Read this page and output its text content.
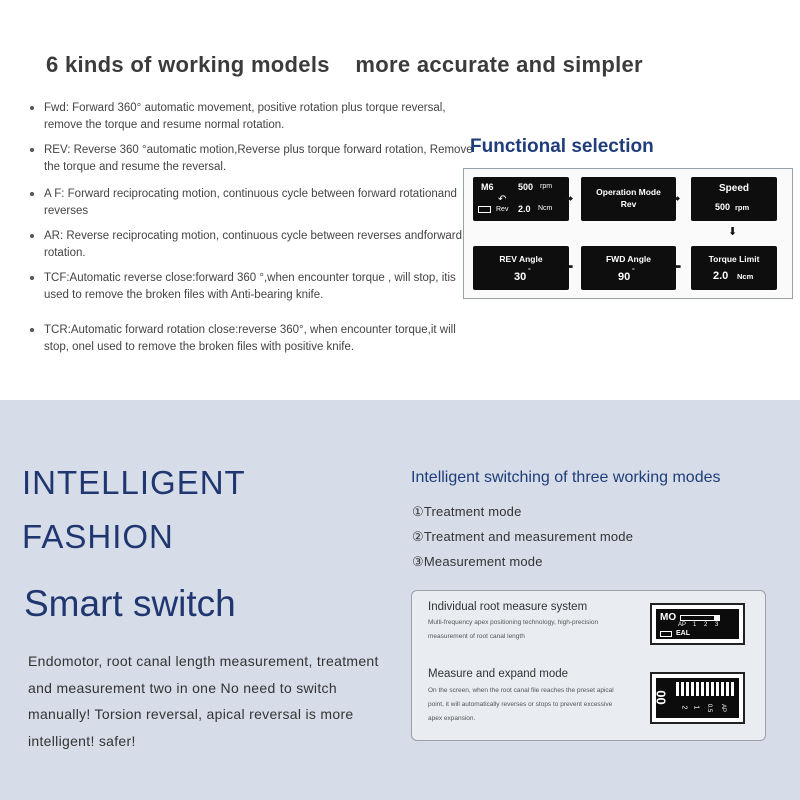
6 kinds of working models    more accurate and simpler
Fwd: Forward 360° automatic movement, positive rotation plus torque reversal, remove the torque and resume normal rotation.
REV: Reverse 360 °automatic motion,Reverse plus torque forward rotation, Remove the torque and resume the reversal.
A F: Forward reciprocating motion, continuous cycle between forward rotationand reverses
AR: Reverse reciprocating motion, continuous cycle between reverses andforward rotation.
TCF:Automatic reverse close:forward 360 °,when encounter torque , will stop, itis used to remove the broken files with Anti-bearing knife.
TCR:Automatic forward rotation close:reverse 360°, when encounter torque,it will stop, onel used to remove the broken files with positive knife.
Functional selection
M6	500 rpm
↶
Rev 2.0 Ncm
➡
Operation Mode
Rev	➡
Speed
500 rpm
⬇
REV Angle
30 °	⬅
FWD Angle
90 °	⬅
Torque Limit
2.0 Ncm
INTELLIGENT
FASHION
Smart switch
Endomotor, root canal length measurement, treatment and measurement two in one No need to switch manually! Torsion reversal, apical reversal is more intelligent! safer!
Intelligent switching of three working modes
①Treatment mode
②Treatment and measurement mode
③Measurement mode
Individual root measure system
Multi-frequency apex positioning technology, high-precision measurement of root canal length
MO
AP 1 2 3
EAL
Measure and expand mode
On the screen, when the root canal file reaches the preset apical point, it will automatically reverses or stops to prevent excessive apex expansion.
00
2 1 0.5 AP
